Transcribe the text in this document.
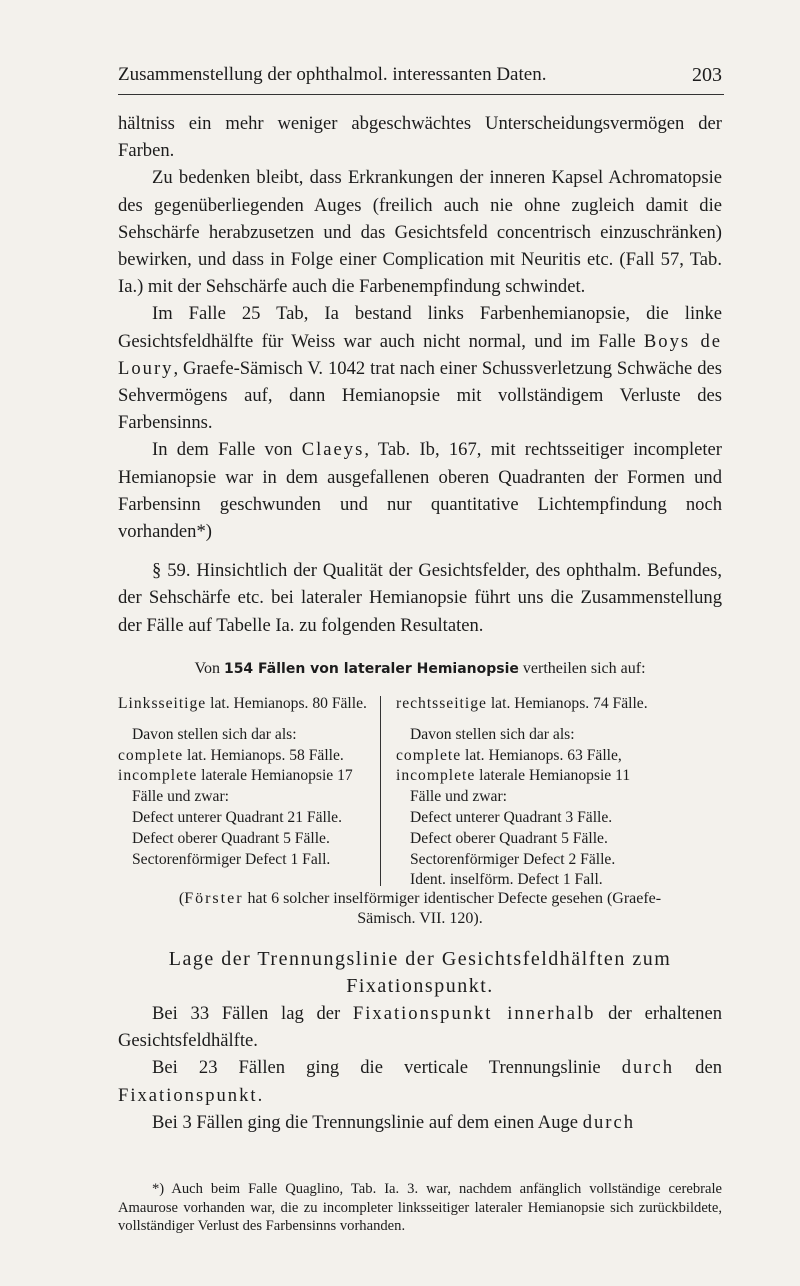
Zusammenstellung der ophthalmol. interessanten Daten.	203

hältniss ein mehr weniger abgeschwächtes Unterscheidungsvermögen der Farben.

Zu bedenken bleibt, dass Erkrankungen der inneren Kapsel Achromatopsie des gegenüberliegenden Auges (freilich auch nie ohne zugleich damit die Sehschärfe herabzusetzen und das Gesichtsfeld concentrisch einzuschränken) bewirken, und dass in Folge einer Complication mit Neuritis etc. (Fall 57, Tab. Ia.) mit der Sehschärfe auch die Farbenempfindung schwindet.

Im Falle 25 Tab, Ia bestand links Farbenhemianopsie, die linke Gesichtsfeldhälfte für Weiss war auch nicht normal, und im Falle Boys de Loury, Graefe-Sämisch V. 1042 trat nach einer Schussverletzung Schwäche des Sehvermögens auf, dann Hemianopsie mit vollständigem Verluste des Farbensinns.

In dem Falle von Claeys, Tab. Ib, 167, mit rechtsseitiger incompleter Hemianopsie war in dem ausgefallenen oberen Quadranten der Formen und Farbensinn geschwunden und nur quantitative Lichtempfindung noch vorhanden*)

§ 59. Hinsichtlich der Qualität der Gesichtsfelder, des ophthalm. Befundes, der Sehschärfe etc. bei lateraler Hemianopsie führt uns die Zusammenstellung der Fälle auf Tabelle Ia. zu folgenden Resultaten.

Von 154 Fällen von lateraler Hemianopsie vertheilen sich auf:
Linksseitige lat. Hemianops. 80 Fälle.
Davon stellen sich dar als:
complete lat. Hemianops. 58 Fälle.
incomplete laterale Hemianopsie 17
Fälle und zwar:
Defect unterer Quadrant 21 Fälle.
Defect oberer Quadrant 5 Fälle.
Sectorenförmiger Defect 1 Fall.
rechtsseitige lat. Hemianops. 74 Fälle.
Davon stellen sich dar als:
complete lat. Hemianops. 63 Fälle,
incomplete laterale Hemianopsie 11
Fälle und zwar:
Defect unterer Quadrant 3 Fälle.
Defect oberer Quadrant 5 Fälle.
Sectorenförmiger Defect 2 Fälle.
Ident. inselförm. Defect 1 Fall.
(Förster hat 6 solcher inselförmiger identischer Defecte gesehen (Graefe-Sämisch. VII. 120).
Lage der Trennungslinie der Gesichtsfeldhälften zum
Fixationspunkt.

Bei 33 Fällen lag der Fixationspunkt innerhalb der erhaltenen Gesichtsfeldhälfte.

Bei 23 Fällen ging die verticale Trennungslinie durch den Fixationspunkt.

Bei 3 Fällen ging die Trennungslinie auf dem einen Auge durch

*) Auch beim Falle Quaglino, Tab. Ia. 3. war, nachdem anfänglich vollständige cerebrale Amaurose vorhanden war, die zu incompleter linksseitiger lateraler Hemianopsie sich zurückbildete, vollständiger Verlust des Farbensinns vorhanden.
